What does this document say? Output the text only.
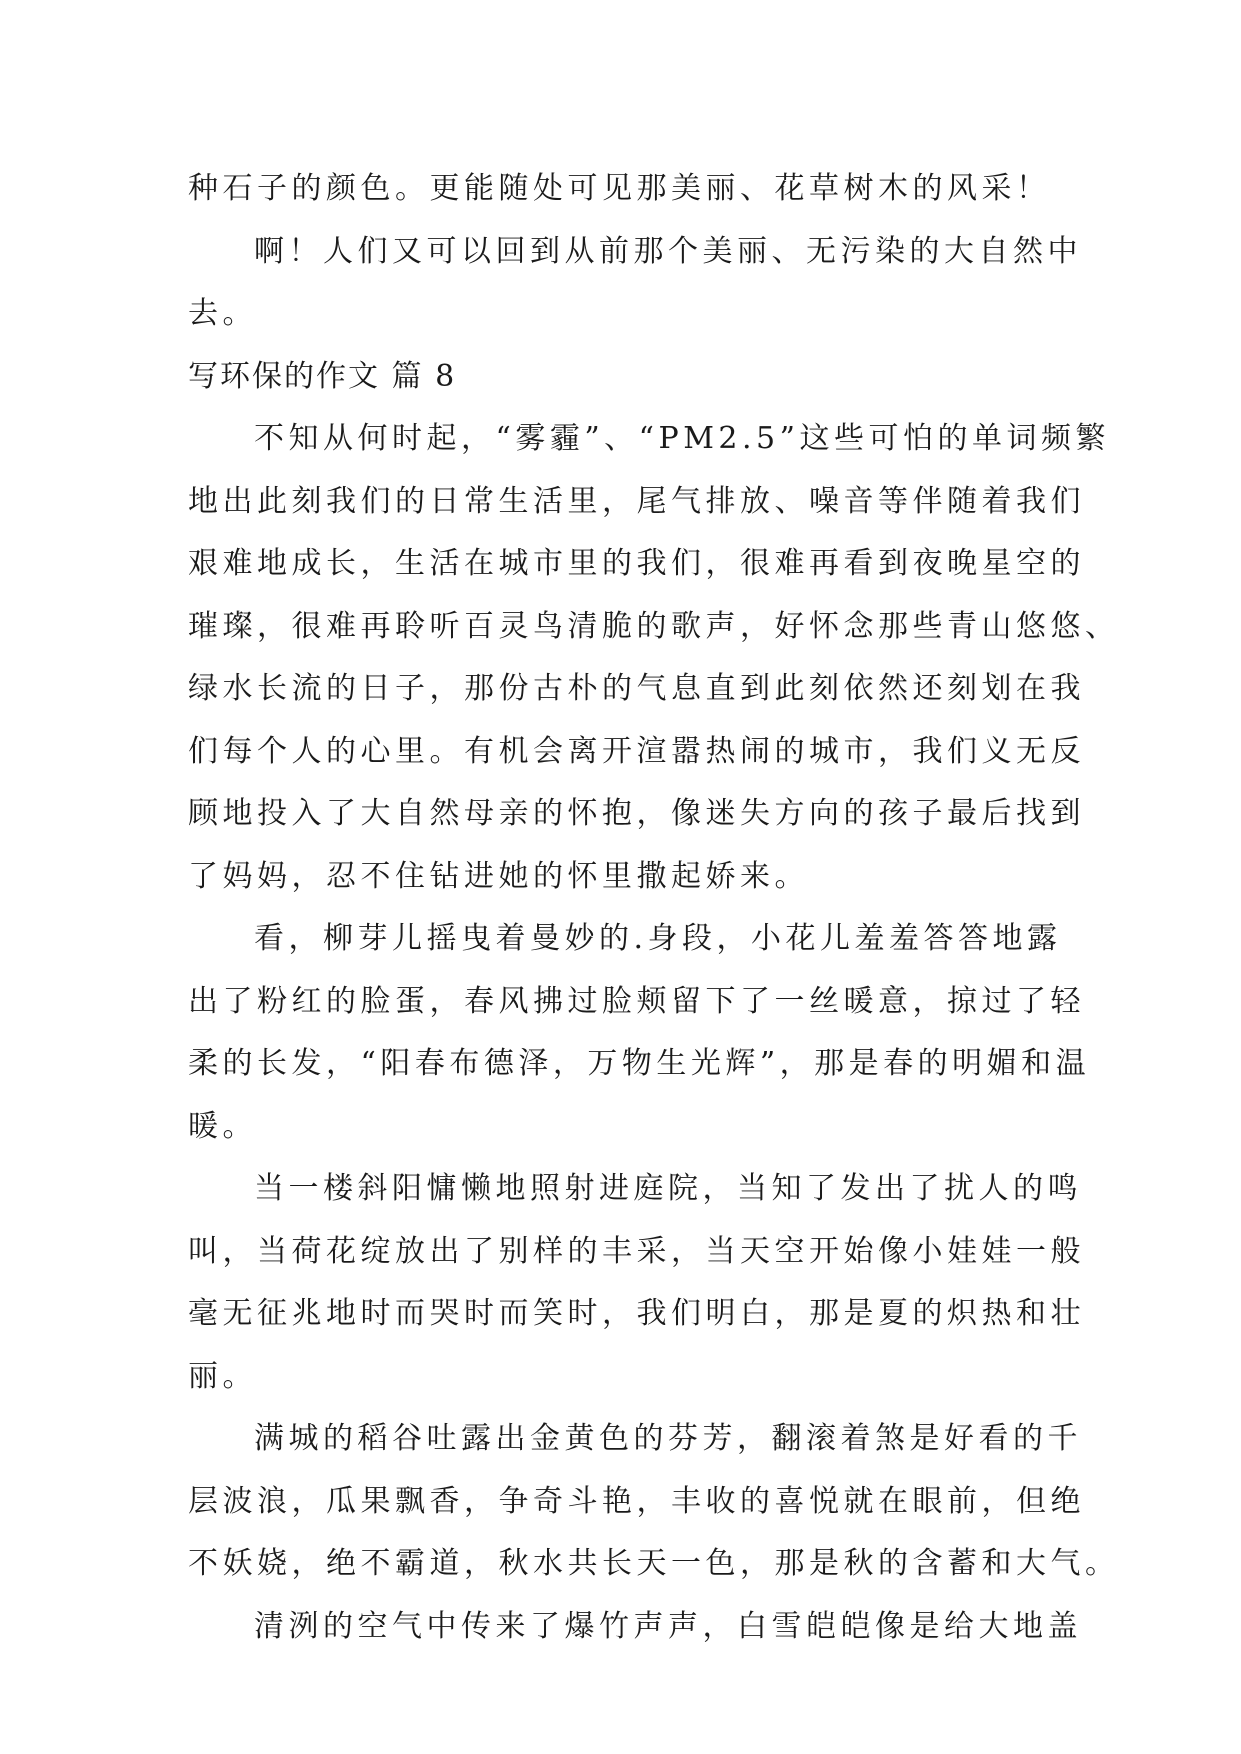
种石子的颜色。更能随处可见那美丽、花草树木的风采！
啊！人们又可以回到从前那个美丽、无污染的大自然中
去。
写环保的作文 篇 8
不知从何时起，“雾霾”、“PM2.5”这些可怕的单词频繁
地出此刻我们的日常生活里，尾气排放、噪音等伴随着我们
艰难地成长，生活在城市里的我们，很难再看到夜晚星空的
璀璨，很难再聆听百灵鸟清脆的歌声，好怀念那些青山悠悠、
绿水长流的日子，那份古朴的气息直到此刻依然还刻划在我
们每个人的心里。有机会离开渲嚣热闹的城市，我们义无反
顾地投入了大自然母亲的怀抱，像迷失方向的孩子最后找到
了妈妈，忍不住钻进她的怀里撒起娇来。
看，柳芽儿摇曳着曼妙的.身段，小花儿羞羞答答地露
出了粉红的脸蛋，春风拂过脸颊留下了一丝暖意，掠过了轻
柔的长发，“阳春布德泽，万物生光辉”，那是春的明媚和温
暖。
当一楼斜阳慵懒地照射进庭院，当知了发出了扰人的鸣
叫，当荷花绽放出了别样的丰采，当天空开始像小娃娃一般
毫无征兆地时而哭时而笑时，我们明白，那是夏的炽热和壮
丽。
满城的稻谷吐露出金黄色的芬芳，翻滚着煞是好看的千
层波浪，瓜果飘香，争奇斗艳，丰收的喜悦就在眼前，但绝
不妖娆，绝不霸道，秋水共长天一色，那是秋的含蓄和大气。
清洌的空气中传来了爆竹声声，白雪皑皑像是给大地盖
